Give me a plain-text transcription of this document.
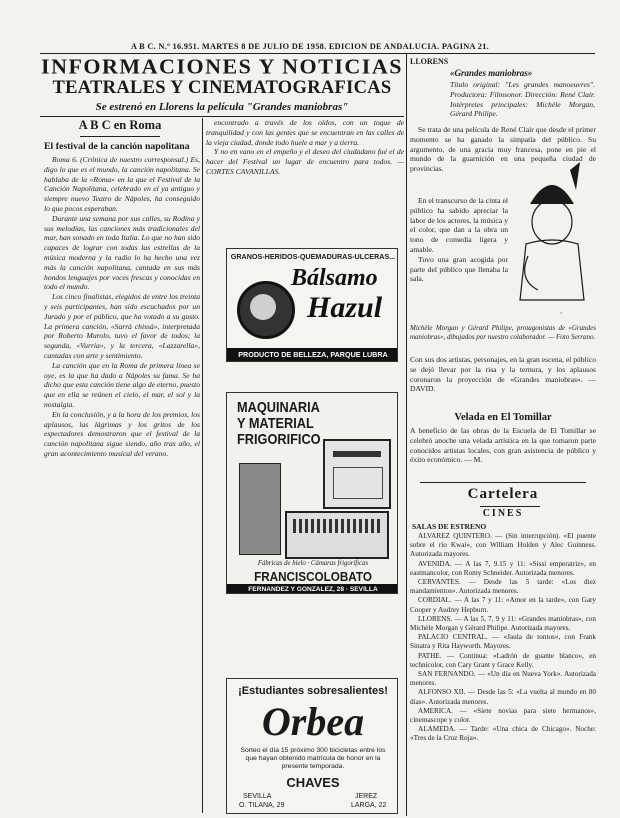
A B C. N.º 16.951. MARTES 8 DE JULIO DE 1958. EDICION DE ANDALUCIA. PAGINA 21.
INFORMACIONES Y NOTICIAS
TEATRALES Y CINEMATOGRAFICAS
Se estrenó en Llorens la película "Grandes maniobras"
A B C en Roma
El festival de la canción napolitana

Roma 6. (Crónica de nuestro corresponsal.) Es, digo lo que es el mundo, la canción napolitana. Se hablaba de la «Roma» en la que el Festival de la Canción Napolitana, celebrado en el ya antiguo y siempre nuevo Teatro de Nápoles, ha conseguido lo que pocos esperaban.

Durante una semana por sus calles, su Rodina y sus melodías, las canciones más tradicionales del mar, han sonado en toda Italia. Lo que no han sido capaces de lograr con todas las estrellas de la música moderna y la radio lo ha hecho una vez más la canción napolitana, cantada en sus más hondos lenguajes por voces frescas y conocidas en todo el mundo.

Los cinco finalistas, elegidos de entre los treinta y seis participantes, han sido escuchados por un Jurado y por el público, que ha votado a su gusto. La primera canción, «Sarrà chissà», interpretada por Roberto Murolo, tuvo el favor de todos; la segunda, «Vurria», y la tercera, «Lazzarella», cantadas con arte y sentimiento.

La canción que en la Roma de primera línea se oye, es la que ha dado a Nápoles su fama. Se ha dicho que esta canción tiene algo de eterno, puesto que en ella se reúnen el cielo, el mar, el sol y la nostalgia.

En la conclusión, y a la hora de los premios, los aplausos, las lágrimas y los gritos de los espectadores demostraron que el festival de la canción napolitana sigue siendo, año tras año, el gran acontecimiento musical del verano.

encontrado a través de los oídos, con un toque de tranquilidad y con las gentes que se encuentran en las calles de la vieja ciudad, donde todo huele a mar y a tierra.

Y no en vano en el empeño y el deseo del ciudadano fué el de hacer del Festival un lugar de encuentro para todos. — CORTES CAVANILLAS.

GRANOS-HERIDOS-QUEMADURAS-ULCERAS...
Bálsamo
Hazul
PRODUCTO DE BELLEZA, PARQUE LUBRA
MAQUINARIA
Y MATERIAL
FRIGORIFICO
Fábricas de hielo · Cámaras frigoríficas
FRANCISCOLOBATO
FERNANDEZ Y GONZALEZ, 28 · SEVILLA
¡Estudiantes sobresalientes!
Orbea
Sorteo el día 15 próximo 300 bicicletas entre los que hayan obtenido matrícula de honor en la presente temporada.
CHAVES
SEVILLA
O. TILANA, 29
JEREZ
LARGA, 22
LLORENS
«Grandes maniobras»
Título original: "Les grandes manoeuvres". Productora: Filmsonor. Dirección: René Clair. Intérpretes principales: Michèle Morgan, Gérard Philipe.

Se trata de una película de René Clair que desde el primer momento se ha ganado la simpatía del público. Su argumento, de una gracia muy francesa, pone en pie el mundo de la guarnición en una pequeña ciudad de provincias.

En el transcurso de la cinta el público ha sabido apreciar la labor de los actores, la música y el color, que dan a la obra un tono de comedia ligera y amable.

Tuvo una gran acogida por parte del público que llenaba la sala.

·
Michèle Morgan y Gérard Philipe, protagonistas de «Grandes maniobras», dibujados por nuestro colaborador. — Foto Serrano.
Con sus dos artistas, personajes, en la gran escena, el público se dejó llevar por la risa y la ternura, y los aplausos coronaron la proyección de «Grandes maniobras». — DAVID.
Velada en El Tomillar
A beneficio de las obras de la Escuela de El Tomillar se celebró anoche una velada artística en la que tomaron parte conocidos artistas locales, con gran asistencia de público y éxito económico. — M.
Cartelera
CINES
SALAS DE ESTRENO

ALVAREZ QUINTERO. — (Sin interrupción). «El puente sobre el río Kwai», con William Holden y Alec Guinness. Autorizada mayores.

AVENIDA. — A las 7, 9.15 y 11: «Sissí emperatriz», en eastmancolor, con Romy Schneider. Autorizada menores.

CERVANTES. — Desde las 5 tarde: «Los diez mandamientos». Autorizada menores.

CORDIAL. — A las 7 y 11: «Amor en la tarde», con Gary Cooper y Audrey Hepburn.

LLORENS. — A las 5, 7, 9 y 11: «Grandes maniobras», con Michèle Morgan y Gérard Philipe. Autorizada mayores.

PALACIO CENTRAL. — «Jaula de tontos», con Frank Sinatra y Rita Hayworth. Mayores.

PATHE. — Continua: «Ladrón de guante blanco», en technicolor, con Cary Grant y Grace Kelly.

SAN FERNANDO. — «Un día en Nueva York». Autorizada menores.

ALFONSO XII. — Desde las 5: «La vuelta al mundo en 80 días». Autorizada menores.

AMERICA. — «Siete novias para siete hermanos», cinemascope y color.

ALAMEDA. — Tarde: «Una chica de Chicago». Noche: «Tres de la Cruz Roja».
